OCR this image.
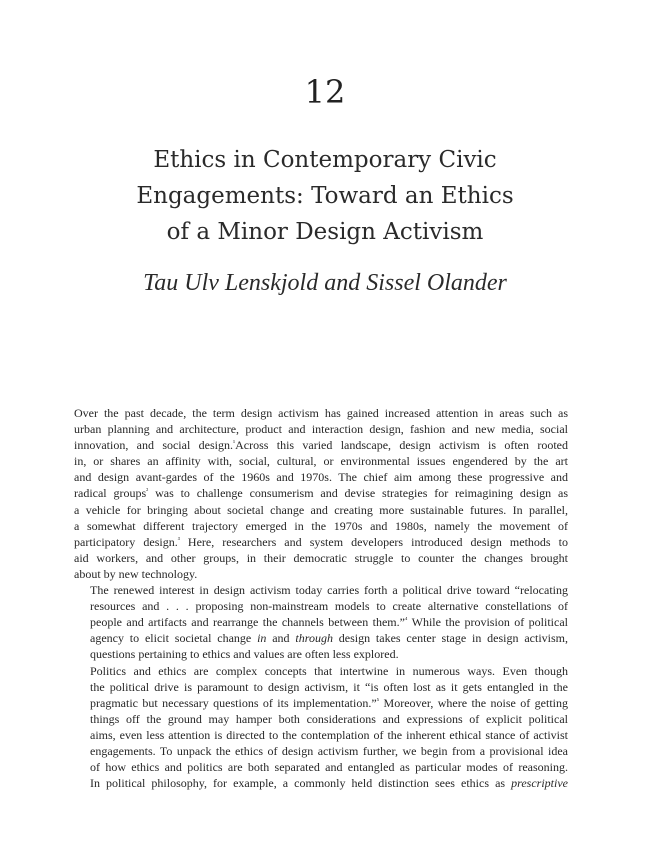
12
Ethics in Contemporary Civic
Engagements: Toward an Ethics
of a Minor Design Activism
Tau Ulv Lenskjold and Sissel Olander

Over the past decade, the term design activism has gained increased attention in areas such as
urban planning and architecture, product and interaction design, fashion and new media, social
innovation, and social design.$^{^1}$Across this varied landscape, design activism is often rooted
in, or shares an affinity with, social, cultural, or environmental issues engendered by the art
and design avant-gardes of the 1960s and 1970s. The chief aim among these progressive and
radical groups$^{^2}$ was to challenge consumerism and devise strategies for reimagining design as
a vehicle for bringing about societal change and creating more sustainable futures. In parallel,
a somewhat different trajectory emerged in the 1970s and 1980s, namely the movement of
participatory design.$^{^3}$ Here, researchers and system developers introduced design methods to
aid workers, and other groups, in their democratic struggle to counter the changes brought
about by new technology.

The renewed interest in design activism today carries forth a political drive toward “relocating
resources and . . . proposing non-mainstream models to create alternative constellations of
people and artifacts and rearrange the channels between them.”$^{^4}$ While the provision of political
agency to elicit societal change in and through design takes center stage in design activism,
questions pertaining to ethics and values are often less explored.

Politics and ethics are complex concepts that intertwine in numerous ways. Even though
the political drive is paramount to design activism, it “is often lost as it gets entangled in the
pragmatic but necessary questions of its implementation.”$^{^5}$ Moreover, where the noise of getting
things off the ground may hamper both considerations and expressions of explicit political
aims, even less attention is directed to the contemplation of the inherent ethical stance of activist
engagements. To unpack the ethics of design activism further, we begin from a provisional idea
of how ethics and politics are both separated and entangled as particular modes of reasoning.
In political philosophy, for example, a commonly held distinction sees ethics as prescriptive
